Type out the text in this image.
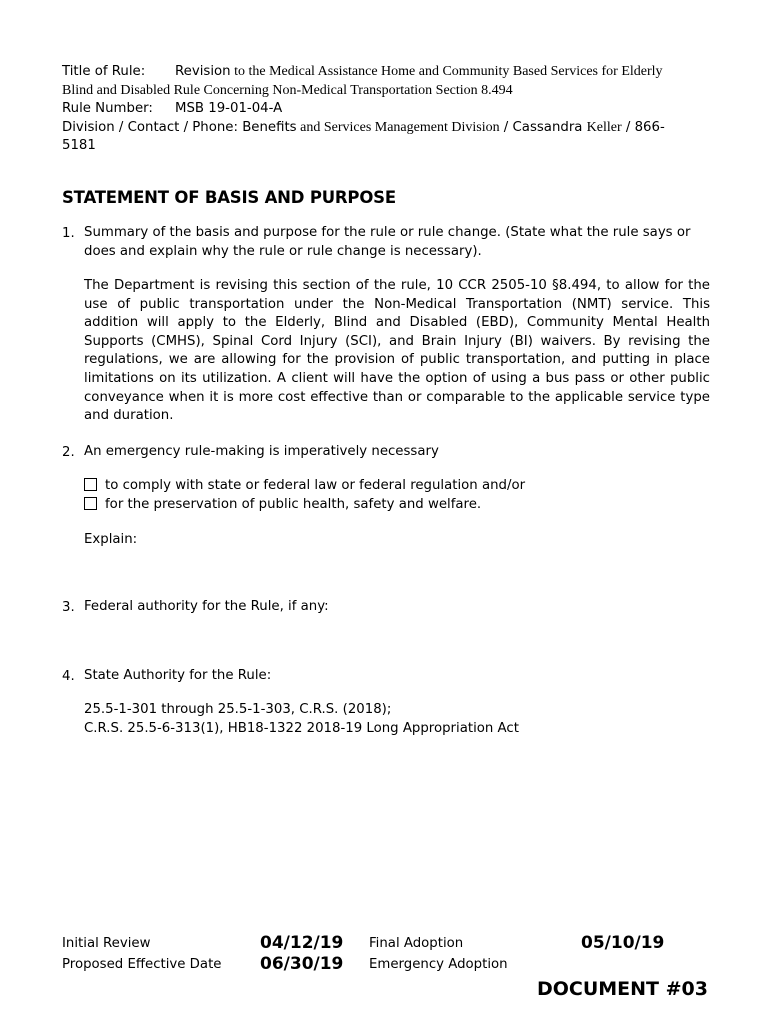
Title of Rule: Revision to the Medical Assistance Home and Community Based Services for Elderly
Blind and Disabled Rule Concerning Non-Medical Transportation Section 8.494
Rule Number: MSB 19-01-04-A
Division / Contact / Phone: Benefits and Services Management Division / Cassandra Keller / 866-
5181
STATEMENT OF BASIS AND PURPOSE
1. Summary of the basis and purpose for the rule or rule change. (State what the rule says or does and explain why the rule or rule change is necessary).
The Department is revising this section of the rule, 10 CCR 2505-10 §8.494, to allow for the use of public transportation under the Non-Medical Transportation (NMT) service. This addition will apply to the Elderly, Blind and Disabled (EBD), Community Mental Health Supports (CMHS), Spinal Cord Injury (SCI), and Brain Injury (BI) waivers. By revising the regulations, we are allowing for the provision of public transportation, and putting in place limitations on its utilization. A client will have the option of using a bus pass or other public conveyance when it is more cost effective than or comparable to the applicable service type and duration.
2. An emergency rule-making is imperatively necessary
to comply with state or federal law or federal regulation and/or
for the preservation of public health, safety and welfare.
Explain:
3. Federal authority for the Rule, if any:
4. State Authority for the Rule:
25.5-1-301 through 25.5-1-303, C.R.S. (2018);
C.R.S. 25.5-6-313(1), HB18-1322 2018-19 Long Appropriation Act
Initial Review	04/12/19 Final Adoption	05/10/19
Proposed Effective Date 06/30/19 Emergency Adoption
DOCUMENT #03
